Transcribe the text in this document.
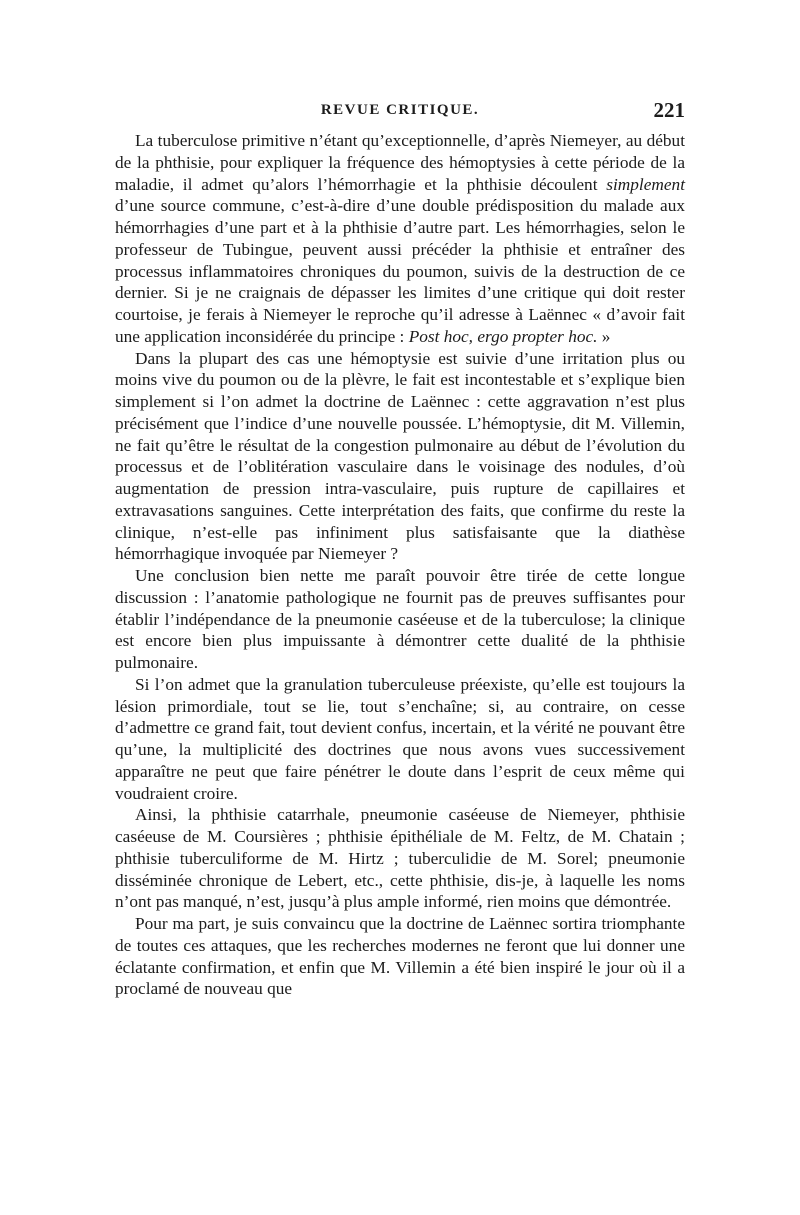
REVUE CRITIQUE.	221

La tuberculose primitive n’étant qu’exceptionnelle, d’après Niemeyer, au début de la phthisie, pour expliquer la fréquence des hémoptysies à cette période de la maladie, il admet qu’alors l’hémorrhagie et la phthisie découlent simplement d’une source commune, c’est-à-dire d’une double prédisposition du malade aux hémorrhagies d’une part et à la phthisie d’autre part. Les hémorrhagies, selon le professeur de Tubingue, peuvent aussi précéder la phthisie et entraîner des processus inflammatoires chroniques du poumon, suivis de la destruction de ce dernier. Si je ne craignais de dépasser les limites d’une critique qui doit rester courtoise, je ferais à Niemeyer le reproche qu’il adresse à Laënnec « d’avoir fait une application inconsidérée du principe : Post hoc, ergo propter hoc. »

Dans la plupart des cas une hémoptysie est suivie d’une irritation plus ou moins vive du poumon ou de la plèvre, le fait est incontestable et s’explique bien simplement si l’on admet la doctrine de Laënnec : cette aggravation n’est plus précisément que l’indice d’une nouvelle poussée. L’hémoptysie, dit M. Villemin, ne fait qu’être le résultat de la congestion pulmonaire au début de l’évolution du processus et de l’oblitération vasculaire dans le voisinage des nodules, d’où augmentation de pression intra-vasculaire, puis rupture de capillaires et extravasations sanguines. Cette interprétation des faits, que confirme du reste la clinique, n’est-elle pas infiniment plus satisfaisante que la diathèse hémorrhagique invoquée par Niemeyer ?

Une conclusion bien nette me paraît pouvoir être tirée de cette longue discussion : l’anatomie pathologique ne fournit pas de preuves suffisantes pour établir l’indépendance de la pneumonie caséeuse et de la tuberculose; la clinique est encore bien plus impuissante à démontrer cette dualité de la phthisie pulmonaire.

Si l’on admet que la granulation tuberculeuse préexiste, qu’elle est toujours la lésion primordiale, tout se lie, tout s’enchaîne; si, au contraire, on cesse d’admettre ce grand fait, tout devient confus, incertain, et la vérité ne pouvant être qu’une, la multiplicité des doctrines que nous avons vues successivement apparaître ne peut que faire pénétrer le doute dans l’esprit de ceux même qui voudraient croire.

Ainsi, la phthisie catarrhale, pneumonie caséeuse de Niemeyer, phthisie caséeuse de M. Coursières ; phthisie épithéliale de M. Feltz, de M. Chatain ; phthisie tuberculiforme de M. Hirtz ; tuberculidie de M. Sorel; pneumonie disséminée chronique de Lebert, etc., cette phthisie, dis-je, à laquelle les noms n’ont pas manqué, n’est, jusqu’à plus ample informé, rien moins que démontrée.

Pour ma part, je suis convaincu que la doctrine de Laënnec sortira triomphante de toutes ces attaques, que les recherches modernes ne feront que lui donner une éclatante confirmation, et enfin que M. Villemin a été bien inspiré le jour où il a proclamé de nouveau que
